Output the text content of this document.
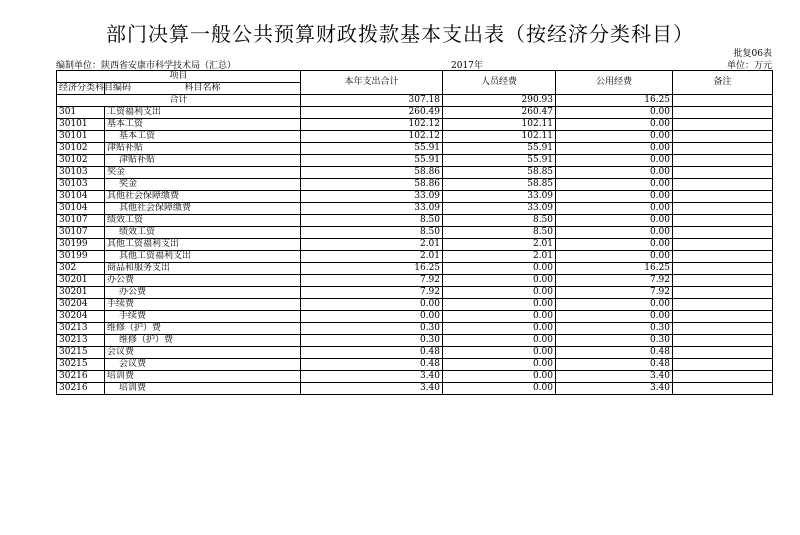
部门决算一般公共预算财政拨款基本支出表（按经济分类科目）
批复06表
编制单位：陕西省安康市科学技术局（汇总）	2017年	单位：万元
项目		本年支出合计	人员经费	公用经费	备注
经济分类科目编码	科目名称				
合计		307.18	290.93	16.25	
301	工资福利支出	260.49	260.47	0.00	
30101	基本工资	102.12	102.11	0.00	
30101	基本工资	102.12	102.11	0.00	
30102	津贴补贴	55.91	55.91	0.00	
30102	津贴补贴	55.91	55.91	0.00	
30103	奖金	58.86	58.85	0.00	
30103	奖金	58.86	58.85	0.00	
30104	其他社会保障缴费	33.09	33.09	0.00	
30104	其他社会保障缴费	33.09	33.09	0.00	
30107	绩效工资	8.50	8.50	0.00	
30107	绩效工资	8.50	8.50	0.00	
30199	其他工资福利支出	2.01	2.01	0.00	
30199	其他工资福利支出	2.01	2.01	0.00	
302	商品和服务支出	16.25	0.00	16.25	
30201	办公费	7.92	0.00	7.92	
30201	办公费	7.92	0.00	7.92	
30204	手续费	0.00	0.00	0.00	
30204	手续费	0.00	0.00	0.00	
30213	维修（护）费	0.30	0.00	0.30	
30213	维修（护）费	0.30	0.00	0.30	
30215	会议费	0.48	0.00	0.48	
30215	会议费	0.48	0.00	0.48	
30216	培训费	3.40	0.00	3.40	
30216	培训费	3.40	0.00	3.40	
